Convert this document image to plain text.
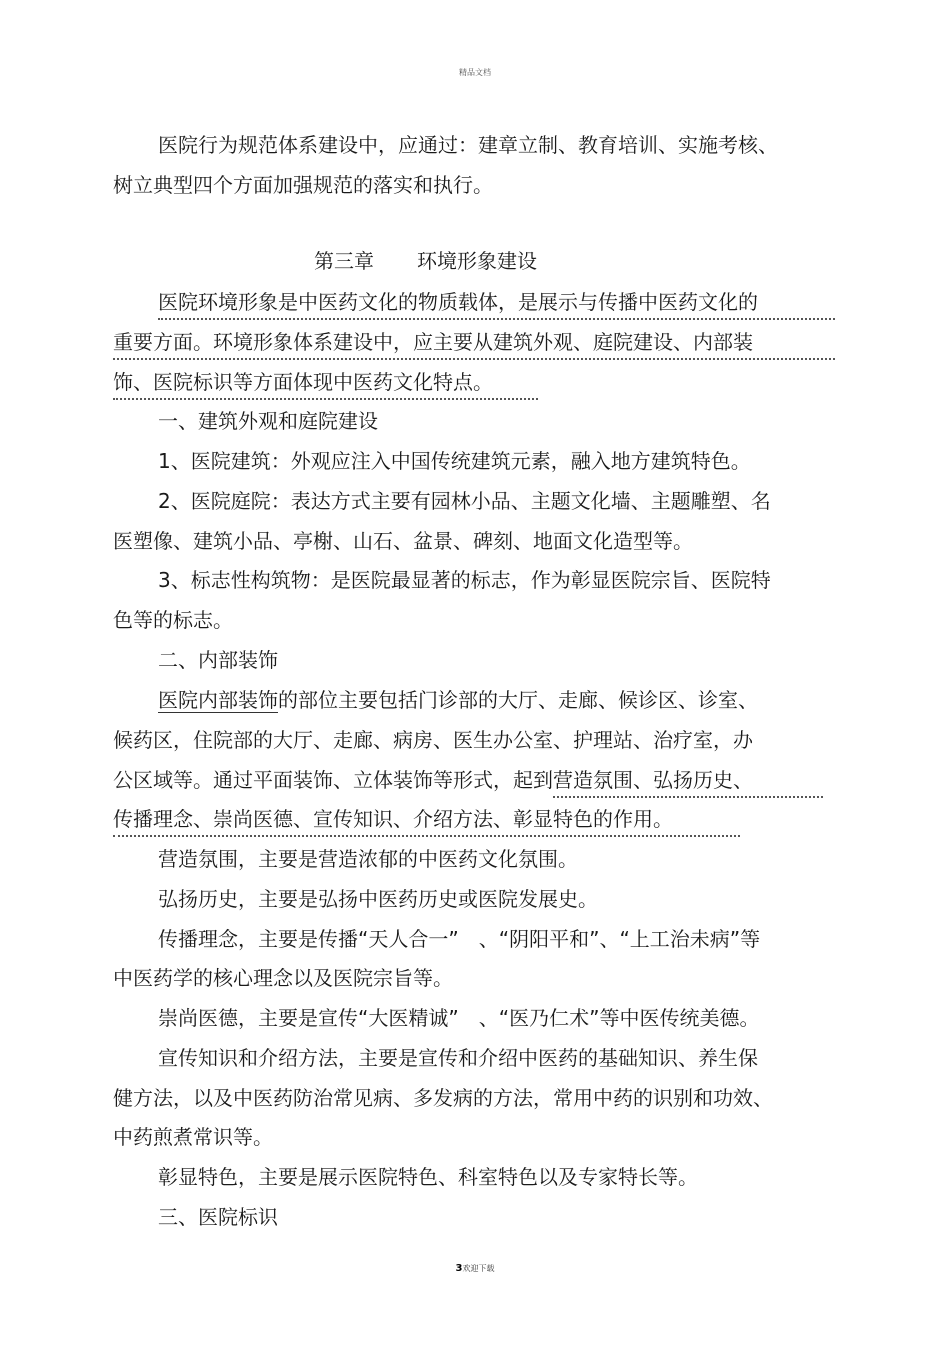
精品文档
医院行为规范体系建设中，应通过：建章立制、教育培训、实施考核、
树立典型四个方面加强规范的落实和执行。
第三章 环境形象建设
医院环境形象是中医药文化的物质载体，是展示与传播中医药文化的
重要方面。环境形象体系建设中，应主要从建筑外观、庭院建设、内部装
饰、医院标识等方面体现中医药文化特点。
一、建筑外观和庭院建设
1、医院建筑：外观应注入中国传统建筑元素，融入地方建筑特色。
2、医院庭院：表达方式主要有园林小品、主题文化墙、主题雕塑、名
医塑像、建筑小品、亭榭、山石、盆景、碑刻、地面文化造型等。
3、标志性构筑物：是医院最显著的标志，作为彰显医院宗旨、医院特
色等的标志。
二、内部装饰
医院内部装饰的部位主要包括门诊部的大厅、走廊、候诊区、诊室、
候药区，住院部的大厅、走廊、病房、医生办公室、护理站、治疗室，办
公区域等。通过平面装饰、立体装饰等形式，起到营造氛围、弘扬历史、
传播理念、崇尚医德、宣传知识、介绍方法、彰显特色的作用。
营造氛围，主要是营造浓郁的中医药文化氛围。
弘扬历史，主要是弘扬中医药历史或医院发展史。
传播理念，主要是传播“天人合一”　、“阴阳平和”、“上工治未病”等
中医药学的核心理念以及医院宗旨等。
崇尚医德，主要是宣传“大医精诚”　、“医乃仁术”等中医传统美德。
宣传知识和介绍方法，主要是宣传和介绍中医药的基础知识、养生保
健方法，以及中医药防治常见病、多发病的方法，常用中药的识别和功效、
中药煎煮常识等。
彰显特色，主要是展示医院特色、科室特色以及专家特长等。
三、医院标识
3欢迎下载
